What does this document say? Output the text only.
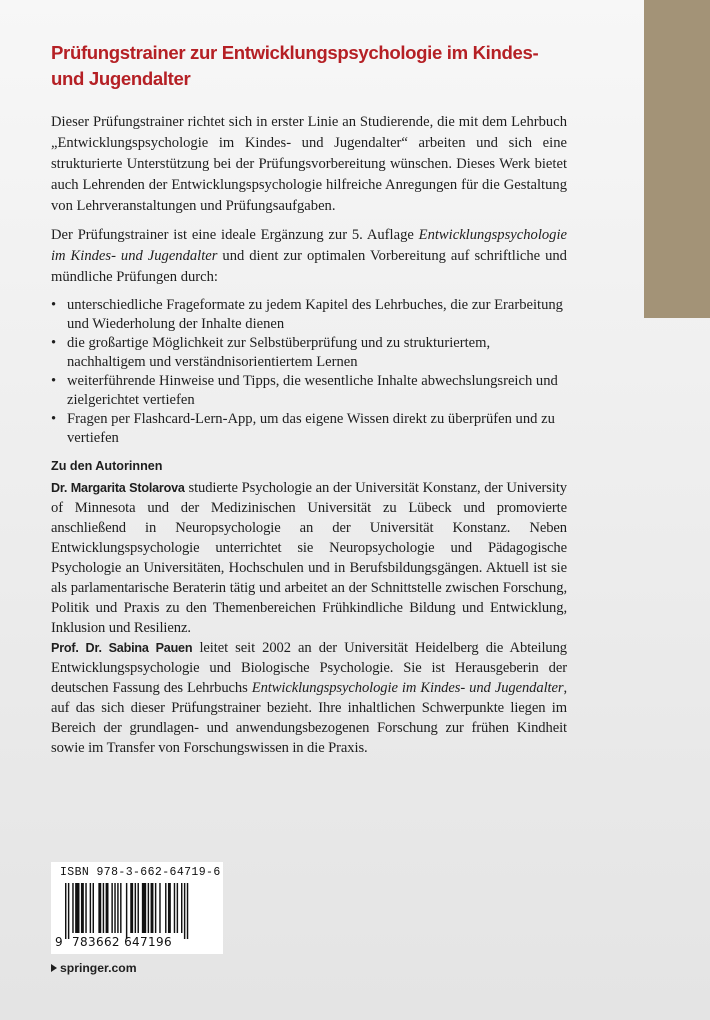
Prüfungstrainer zur Entwicklungspsychologie im Kindes- und Jugendalter

Dieser Prüfungstrainer richtet sich in erster Linie an Studierende, die mit dem Lehrbuch „Entwicklungspsychologie im Kindes- und Jugendalter“ arbeiten und sich eine strukturierte Unterstützung bei der Prüfungsvorbereitung wünschen. Dieses Werk bietet auch Lehrenden der Entwicklungspsychologie hilfreiche Anregungen für die Gestaltung von Lehrveranstaltungen und Prüfungsaufgaben.

Der Prüfungstrainer ist eine ideale Ergänzung zur 5. Auflage Entwicklungspsychologie im Kindes- und Jugendalter und dient zur optimalen Vorbereitung auf schriftliche und mündliche Prüfungen durch:

• unterschiedliche Frageformate zu jedem Kapitel des Lehrbuches, die zur Erarbeitung und Wiederholung der Inhalte dienen
• die großartige Möglichkeit zur Selbstüberprüfung und zu strukturiertem, nachhaltigem und verständnisorientiertem Lernen
• weiterführende Hinweise und Tipps, die wesentliche Inhalte abwechslungsreich und zielgerichtet vertiefen
• Fragen per Flashcard-Lern-App, um das eigene Wissen direkt zu überprüfen und zu vertiefen
Zu den Autorinnen

Dr. Margarita Stolarova studierte Psychologie an der Universität Konstanz, der University of Minnesota und der Medizinischen Universität zu Lübeck und promovierte anschließend in Neuropsychologie an der Universität Konstanz. Neben Entwicklungspsychologie unterrichtet sie Neuropsychologie und Pädagogische Psychologie an Universitäten, Hochschulen und in Berufsbildungsgängen. Aktuell ist sie als parlamentarische Beraterin tätig und arbeitet an der Schnittstelle zwischen Forschung, Politik und Praxis zu den Themenbereichen Frühkindliche Bildung und Entwicklung, Inklusion und Resilienz.

Prof. Dr. Sabina Pauen leitet seit 2002 an der Universität Heidelberg die Abteilung Entwicklungspsychologie und Biologische Psychologie. Sie ist Herausgeberin der deutschen Fassung des Lehrbuchs Entwicklungspsychologie im Kindes- und Jugendalter, auf das sich dieser Prüfungstrainer bezieht. Ihre inhaltlichen Schwerpunkte liegen im Bereich der grundlagen- und anwendungsbezogenen Forschung zur frühen Kindheit sowie im Transfer von Forschungswissen in die Praxis.

ISBN 978-3-662-64719-6
9 783662 647196
springer.com
